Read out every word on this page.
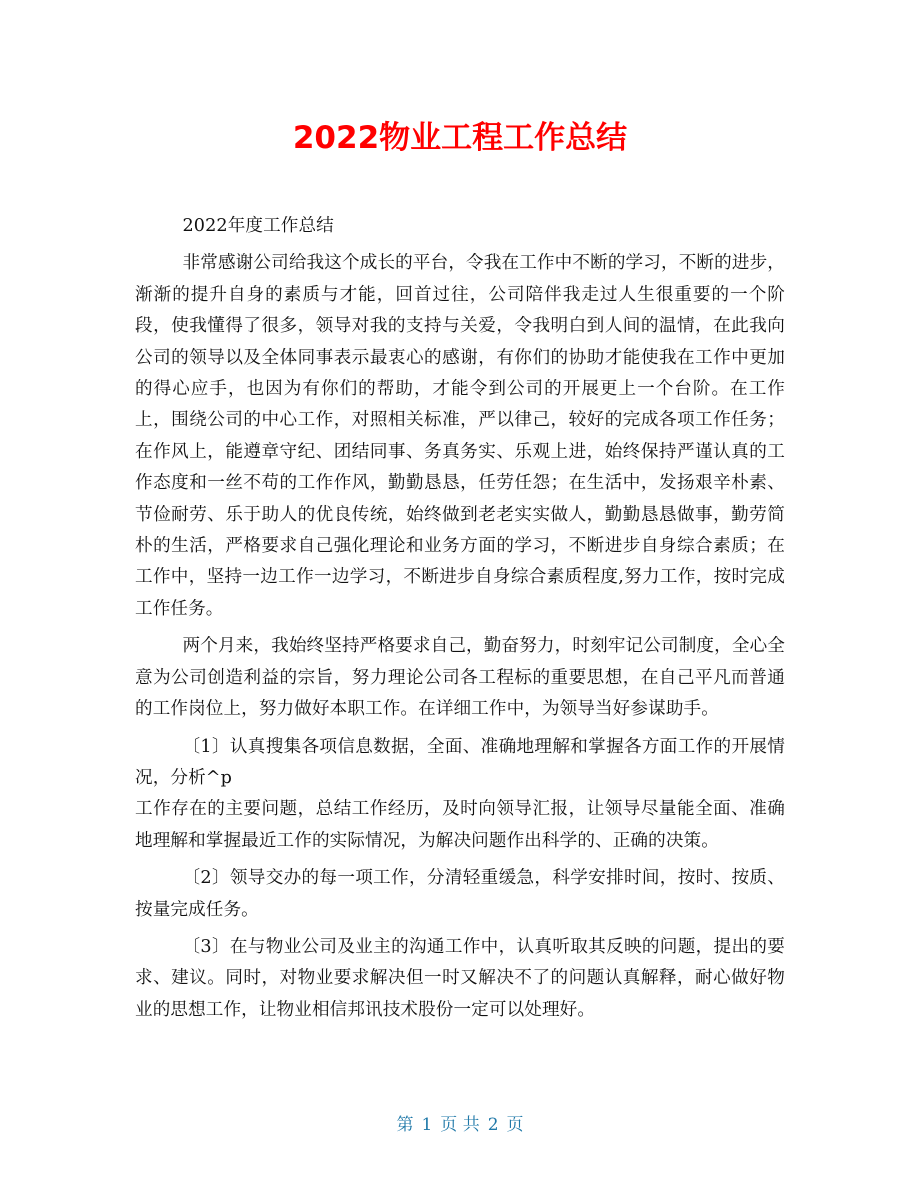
2022物业工程工作总结

2022年度工作总结

非常感谢公司给我这个成长的平台，令我在工作中不断的学习，不断的进步，渐渐的提升自身的素质与才能，回首过往，公司陪伴我走过人生很重要的一个阶段，使我懂得了很多，领导对我的支持与关爱，令我明白到人间的温情，在此我向公司的领导以及全体同事表示最衷心的感谢，有你们的协助才能使我在工作中更加的得心应手，也因为有你们的帮助，才能令到公司的开展更上一个台阶。在工作上，围绕公司的中心工作，对照相关标准，严以律己，较好的完成各项工作任务；在作风上，能遵章守纪、团结同事、务真务实、乐观上进，始终保持严谨认真的工作态度和一丝不苟的工作作风，勤勤恳恳，任劳任怨；在生活中，发扬艰辛朴素、节俭耐劳、乐于助人的优良传统，始终做到老老实实做人，勤勤恳恳做事，勤劳简朴的生活，严格要求自己强化理论和业务方面的学习，不断进步自身综合素质；在工作中，坚持一边工作一边学习，不断进步自身综合素质程度,努力工作，按时完成工作任务。

两个月来，我始终坚持严格要求自己，勤奋努力，时刻牢记公司制度，全心全意为公司创造利益的宗旨，努力理论公司各工程标的重要思想，在自己平凡而普通的工作岗位上，努力做好本职工作。在详细工作中，为领导当好参谋助手。

〔1〕认真搜集各项信息数据，全面、准确地理解和掌握各方面工作的开展情况，分析^p

工作存在的主要问题，总结工作经历，及时向领导汇报，让领导尽量能全面、准确地理解和掌握最近工作的实际情况，为解决问题作出科学的、正确的决策。

〔2〕领导交办的每一项工作，分清轻重缓急，科学安排时间，按时、按质、按量完成任务。

〔3〕在与物业公司及业主的沟通工作中，认真听取其反映的问题，提出的要求、建议。同时，对物业要求解决但一时又解决不了的问题认真解释，耐心做好物业的思想工作，让物业相信邦讯技术股份一定可以处理好。

第 1 页 共 2 页
